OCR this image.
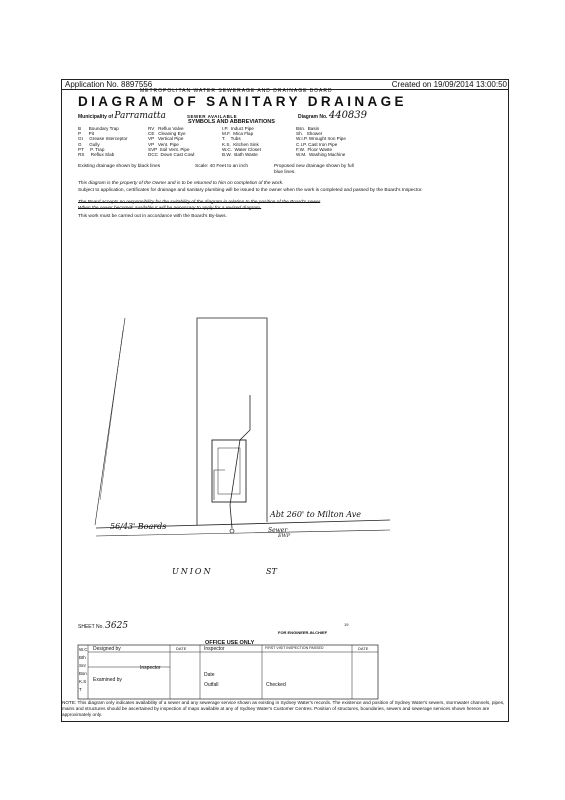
Application No. 8897556	Created on 19/09/2014 13:00:50
METROPOLITAN WATER SEWERAGE AND DRAINAGE BOARD
DIAGRAM OF SANITARY DRAINAGE
Municipality of Parramatta	SEWER AVAILABLE	Diagram No. 440839
SYMBOLS AND ABBREVIATIONS
B      Boundary Trap
P      Pit
GI     Grease Interceptor
G      Gully
PT     P. Trap
RS     Reflux Slab
RV   Reflux Valve
CE   Cleaning Eye
VP   Vertical Pipe
VP   Vent. Pipe
SVP  Soil Vent. Pipe
DCC  Down Cast Cowl
I.P.  Induct Pipe
M.F.  Mica Flap
T.    Tubs
K.S.  Kitchen Sink
W.C.  Water Closet
B.W.  Bath Waste
Bsn.  Basin
Sh.   Shower
W.I.P. Wrought Iron Pipe
C.I.P. Cast Iron Pipe
F.W.  Floor Waste
W.M.  Washing Machine
Existing drainage shown by black lines	Scale: 40 Feet to an inch	Proposed new drainage shown by full blue lines.
This diagram is the property of the Owner and is to be returned to him on completion of the work.
Subject to application, certificates for drainage and sanitary plumbing will be issued to the owner when the work is completed and passed by the Board's Inspector.
The Board accepts no responsibility for the suitability of the diagram in relation to the position of the Board's sewer
When the sewer becomes available it will be necessary to apply for a revised diagram.
This work must be carried out in accordance with the Board's By-laws.
56/43' Boards	Sewer
EWP
Abt 260' to Milton Ave
UNION	ST
SHEET No. 3625	19
FOR ENGINEER-IN-CHIEF
OFFICE USE ONLY
Designed by	DATE	Inspector	FIRST VISIT INSPECTION PASSED	DATE
Examined by
Inspector
Date
Outfall	Checked
W.C
Bth
Snr
Bsn
K.S
T
NOTE: This diagram only indicates availability of a sewer and any sewerage service shown as existing in Sydney Water's records. The existence and position of Sydney Water's sewers, stormwater channels, pipes, mains and structures should be ascertained by inspection of maps available at any of Sydney Water's Customer Centres. Position of structures, boundaries, sewers and sewerage services shown hereon are approximately only.
